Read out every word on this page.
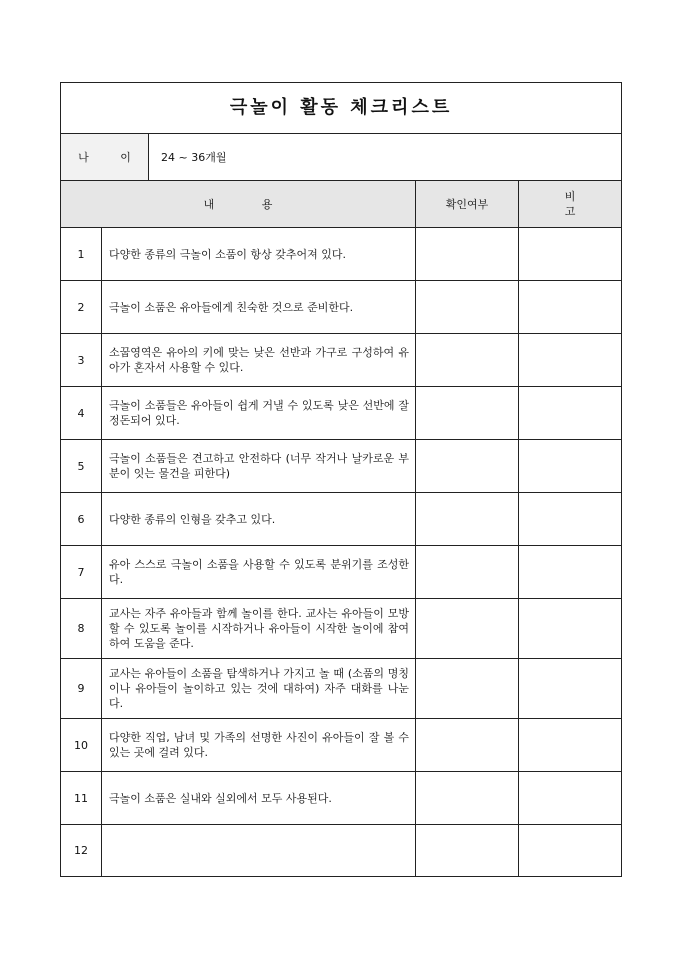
극놀이 활동 체크리스트				
나 이		24 ~ 36개월		
내 용			확인여부	비 고
1	다양한 종류의 극놀이 소품이 항상 갖추어져 있다.			
2	극놀이 소품은 유아들에게 친숙한 것으로 준비한다.			
3	소꿉영역은 유아의 키에 맞는 낮은 선반과 가구로 구성하여 유아가 혼자서 사용할 수 있다.			
4	극놀이 소품들은 유아들이 쉽게 거낼 수 있도록 낮은 선반에 잘 정돈되어 있다.			
5	극놀이 소품들은 견고하고 안전하다 (너무 작거나 날카로운 부분이 잇는 물건을 피한다)			
6	다양한 종류의 인형을 갖추고 있다.			
7	유아 스스로 극놀이 소품을 사용할 수 있도록 분위기를 조성한다.			
8	교사는 자주 유아들과 함께 놀이를 한다. 교사는 유아들이 모방할 수 있도록 놀이를 시작하거나 유아들이 시작한 놀이에 참여하여 도움을 준다.			
9	교사는 유아들이 소품을 탐색하거나 가지고 놀 때 (소품의 명칭이나 유아들이 놀이하고 있는 것에 대하여) 자주 대화를 나눈다.			
10	다양한 직업, 남녀 및 가족의 선명한 사진이 유아들이 잘 볼 수 있는 곳에 걸려 있다.			
11	극놀이 소품은 실내와 실외에서 모두 사용된다.			
12				
